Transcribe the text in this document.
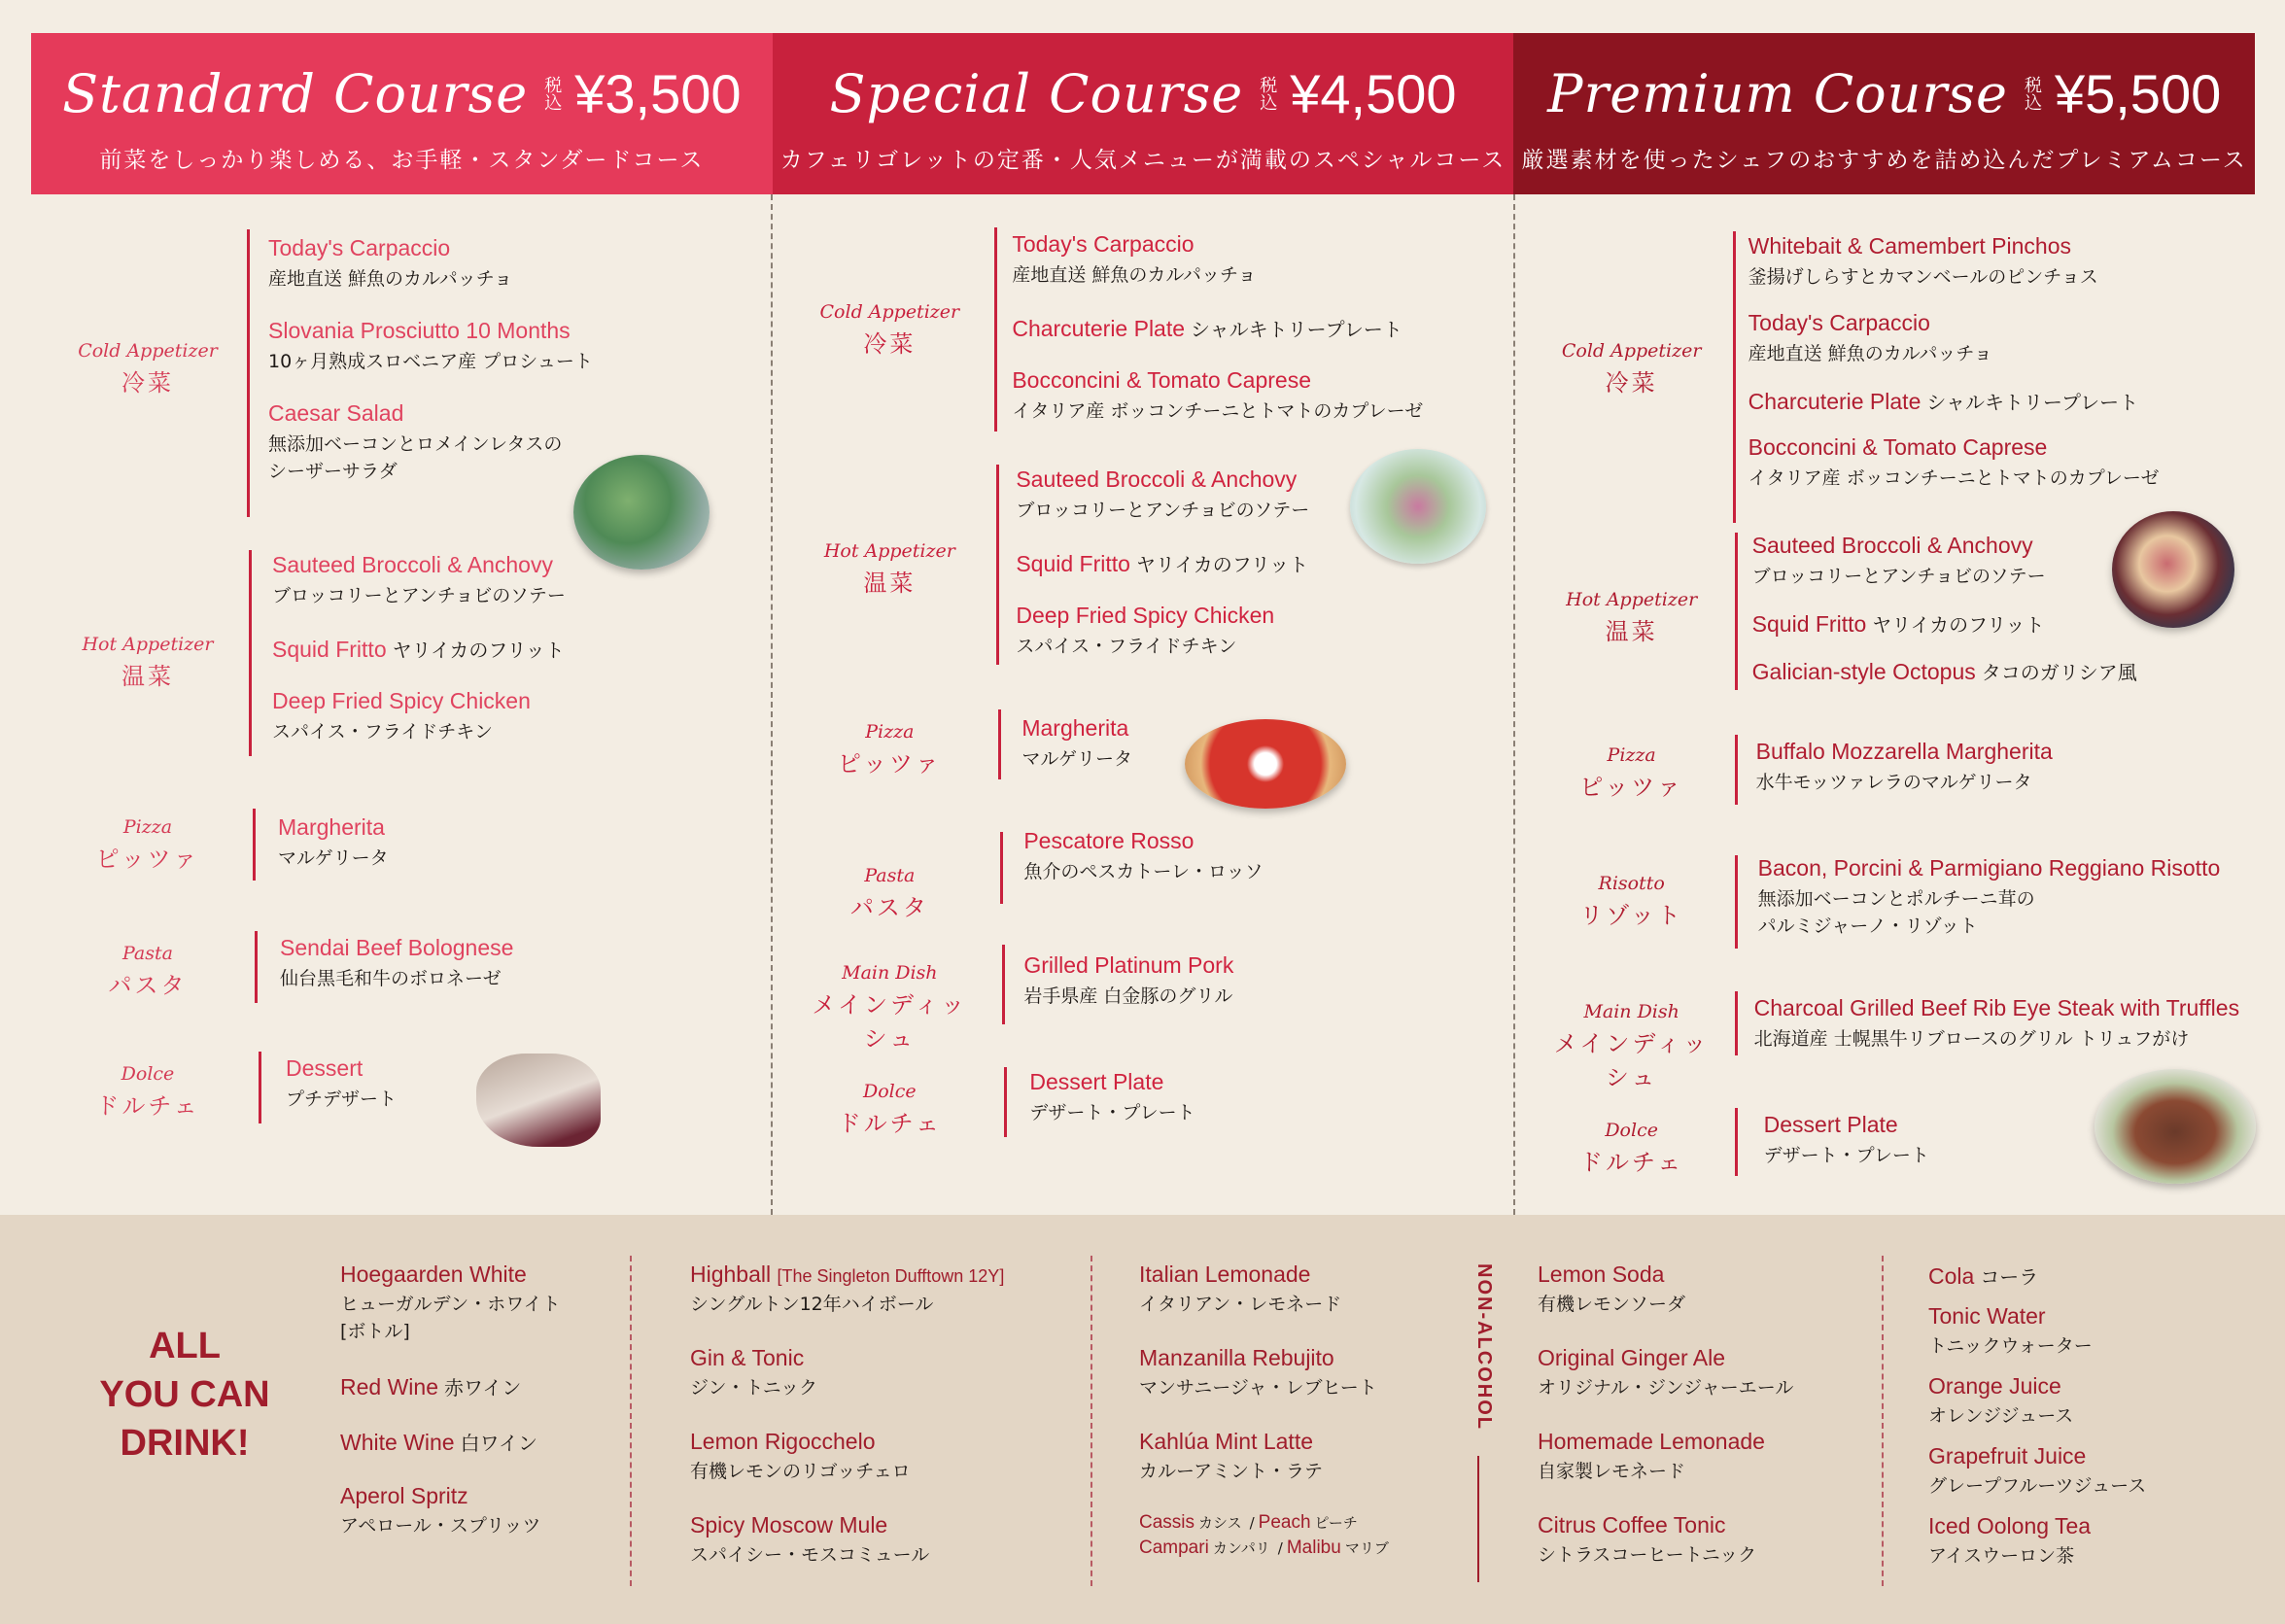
Standard Course 税込 ¥3,500
前菜をしっかり楽しめる、お手軽・スタンダードコース
Special Course 税込 ¥4,500
カフェリゴレットの定番・人気メニューが満載のスペシャルコース
Premium Course 税込 ¥5,500
厳選素材を使ったシェフのおすすめを詰め込んだプレミアムコース
Cold Appetizer
冷菜
Today's Carpaccio
産地直送 鮮魚のカルパッチョ
Slovania Prosciutto 10 Months
10ヶ月熟成スロベニア産 プロシュート
Caesar Salad
無添加ベーコンとロメインレタスの
シーザーサラダ
Hot Appetizer
温菜
Sauteed Broccoli & Anchovy
ブロッコリーとアンチョビのソテー
Squid Fritto ヤリイカのフリット
Deep Fried Spicy Chicken
スパイス・フライドチキン
Pizza
ピッツァ
Margherita
マルゲリータ
Pasta
パスタ
Sendai Beef Bolognese
仙台黒毛和牛のボロネーゼ
Dolce
ドルチェ
Dessert
プチデザート
Cold Appetizer
冷菜
Today's Carpaccio
産地直送 鮮魚のカルパッチョ
Charcuterie Plate シャルキトリープレート
Bocconcini & Tomato Caprese
イタリア産 ボッコンチーニとトマトのカプレーゼ
Hot Appetizer
温菜
Sauteed Broccoli & Anchovy
ブロッコリーとアンチョビのソテー
Squid Fritto ヤリイカのフリット
Deep Fried Spicy Chicken
スパイス・フライドチキン
Pizza
ピッツァ
Margherita
マルゲリータ
Pasta
パスタ
Pescatore Rosso
魚介のペスカトーレ・ロッソ
Main Dish
メインディッシュ
Grilled Platinum Pork
岩手県産 白金豚のグリル
Dolce
ドルチェ
Dessert Plate
デザート・プレート
Cold Appetizer
冷菜
Whitebait & Camembert Pinchos
釜揚げしらすとカマンベールのピンチョス
Today's Carpaccio
産地直送 鮮魚のカルパッチョ
Charcuterie Plate シャルキトリープレート
Bocconcini & Tomato Caprese
イタリア産 ボッコンチーニとトマトのカプレーゼ
Hot Appetizer
温菜
Sauteed Broccoli & Anchovy
ブロッコリーとアンチョビのソテー
Squid Fritto ヤリイカのフリット
Galician-style Octopus タコのガリシア風
Pizza
ピッツァ
Buffalo Mozzarella Margherita
水牛モッツァレラのマルゲリータ
Risotto
リゾット
Bacon, Porcini & Parmigiano Reggiano Risotto
無添加ベーコンとポルチーニ茸の
パルミジャーノ・リゾット
Main Dish
メインディッシュ
Charcoal Grilled Beef Rib Eye Steak with Truffles
北海道産 士幌黒牛リブロースのグリル トリュフがけ
Dolce
ドルチェ
Dessert Plate
デザート・プレート
ALL
YOU CAN
DRINK!
Hoegaarden White
ヒューガルデン・ホワイト
[ボトル]
Red Wine 赤ワイン
White Wine 白ワイン
Aperol Spritz
アペロール・スプリッツ
Highball [The Singleton Dufftown 12Y]
シングルトン12年ハイボール
Gin & Tonic
ジン・トニック
Lemon Rigocchelo
有機レモンのリゴッチェロ
Spicy Moscow Mule
スパイシー・モスコミュール
Italian Lemonade
イタリアン・レモネード
Manzanilla Rebujito
マンサニージャ・レブヒート
Kahlúa Mint Latte
カルーアミント・ラテ
Cassis カシス / Peach ピーチ
Campari カンパリ / Malibu マリブ
NON-ALCOHOL Lemon Soda
有機レモンソーダ
Original Ginger Ale
オリジナル・ジンジャーエール
Homemade Lemonade
自家製レモネード
Citrus Coffee Tonic
シトラスコーヒートニック
Cola コーラ
Tonic Water
トニックウォーター
Orange Juice
オレンジジュース
Grapefruit Juice
グレープフルーツジュース
Iced Oolong Tea
アイスウーロン茶
